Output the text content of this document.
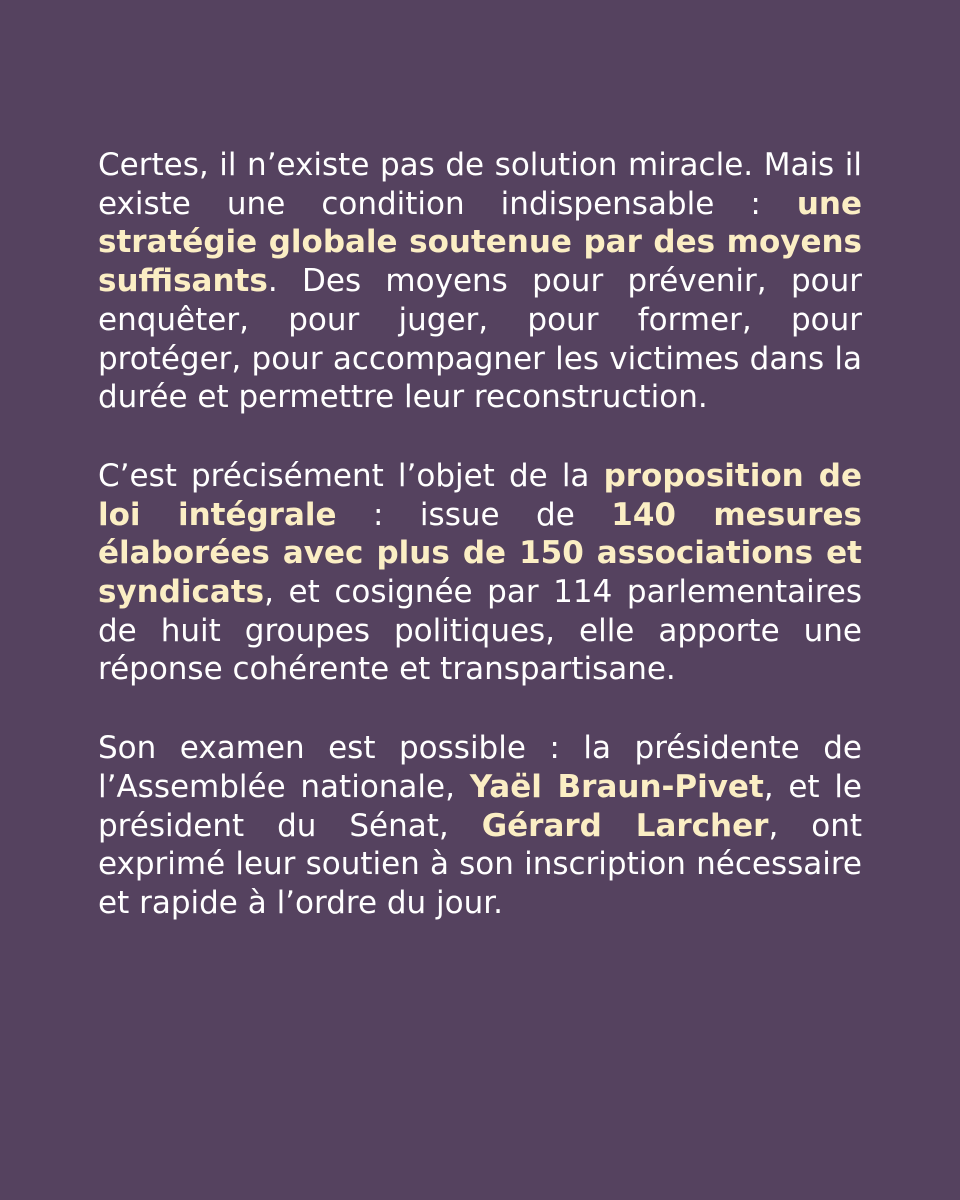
Certes, il n’existe pas de solution miracle. Mais il existe une condition indispensable : une stratégie globale soutenue par des moyens suffisants. Des moyens pour prévenir, pour enquêter, pour juger, pour former, pour protéger, pour accompagner les victimes dans la durée et permettre leur reconstruction.

C’est précisément l’objet de la proposition de loi intégrale : issue de 140 mesures élaborées avec plus de 150 associations et syndicats, et cosignée par 114 parlementaires de huit groupes politiques, elle apporte une réponse cohérente et transpartisane.

Son examen est possible : la présidente de l’Assemblée nationale, Yaël Braun-Pivet, et le président du Sénat, Gérard Larcher, ont exprimé leur soutien à son inscription nécessaire et rapide à l’ordre du jour.
